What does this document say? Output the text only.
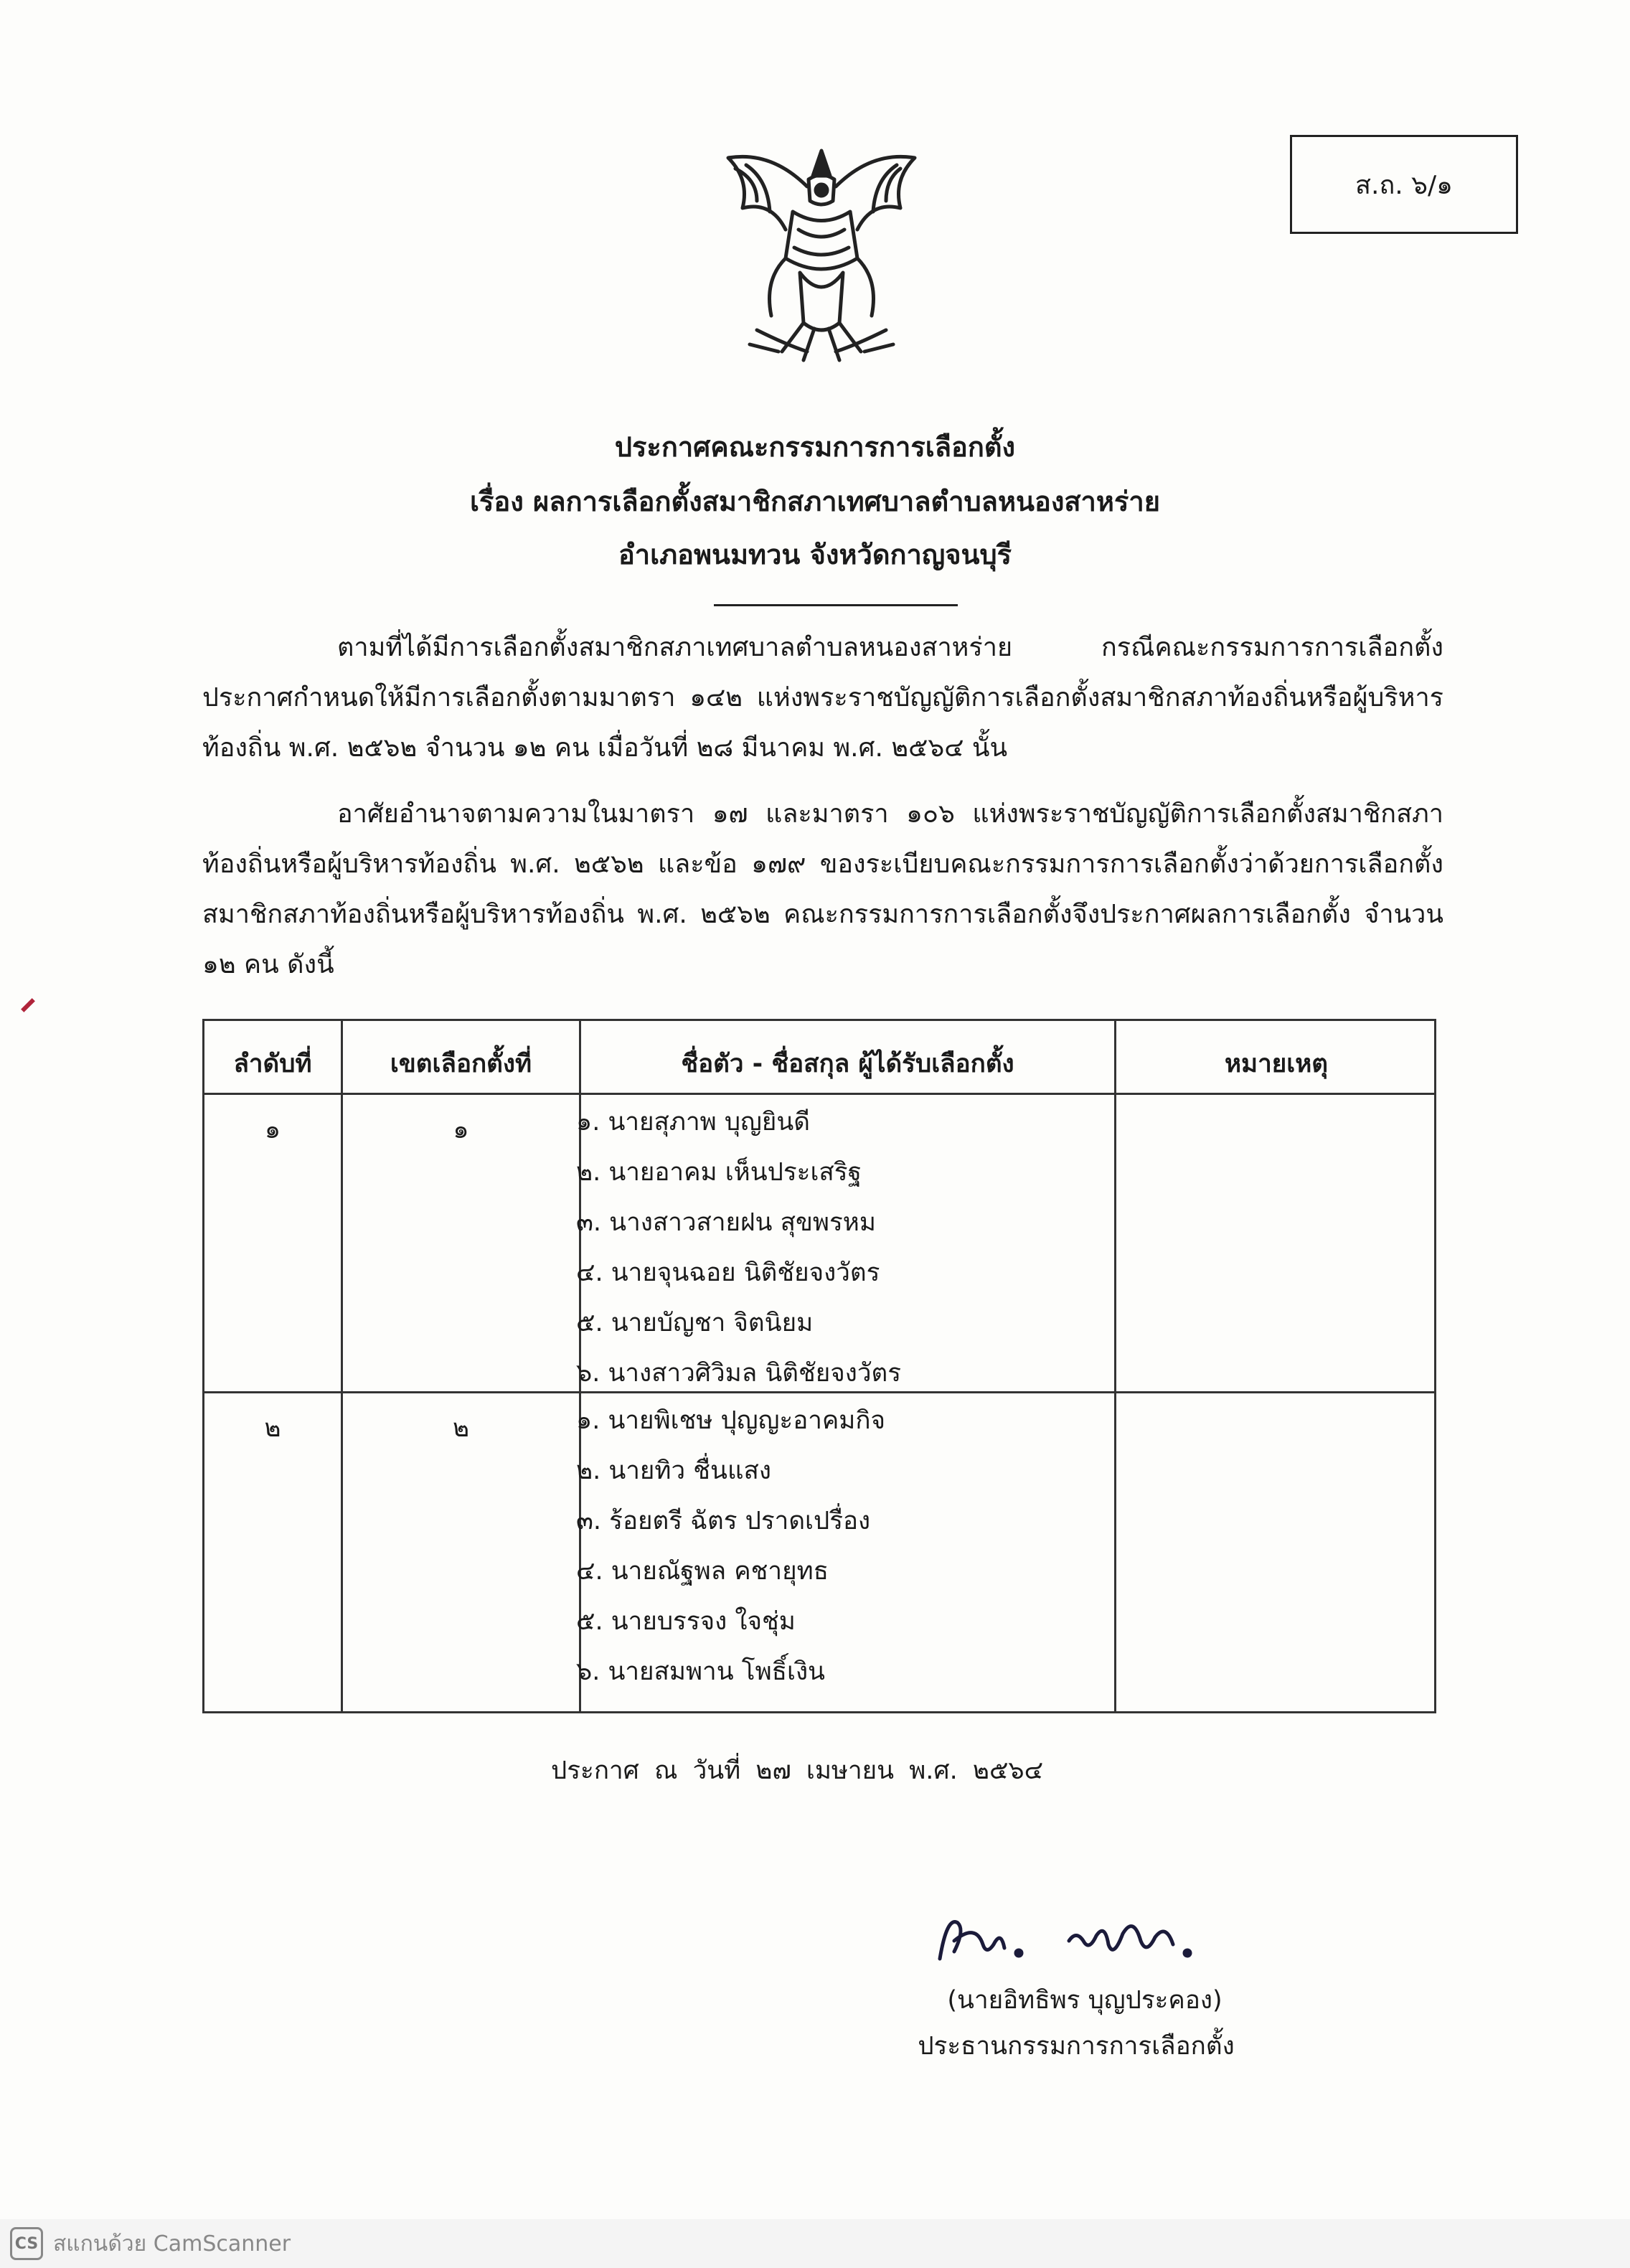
ส.ถ. ๖/๑
ประกาศคณะกรรมการการเลือกตั้ง
เรื่อง ผลการเลือกตั้งสมาชิกสภาเทศบาลตำบลหนองสาหร่าย
อำเภอพนมทวน จังหวัดกาญจนบุรี
ตามที่ได้มีการเลือกตั้งสมาชิกสภาเทศบาลตำบลหนองสาหร่าย กรณีคณะกรรมการการเลือกตั้งประกาศกำหนดให้มีการเลือกตั้งตามมาตรา ๑๔๒ แห่งพระราชบัญญัติการเลือกตั้งสมาชิกสภาท้องถิ่นหรือผู้บริหารท้องถิ่น พ.ศ. ๒๕๖๒ จำนวน ๑๒ คน เมื่อวันที่ ๒๘ มีนาคม พ.ศ. ๒๕๖๔ นั้น
อาศัยอำนาจตามความในมาตรา ๑๗ และมาตรา ๑๐๖ แห่งพระราชบัญญัติการเลือกตั้งสมาชิกสภาท้องถิ่นหรือผู้บริหารท้องถิ่น พ.ศ. ๒๕๖๒ และข้อ ๑๗๙ ของระเบียบคณะกรรมการการเลือกตั้งว่าด้วยการเลือกตั้งสมาชิกสภาท้องถิ่นหรือผู้บริหารท้องถิ่น พ.ศ. ๒๕๖๒ คณะกรรมการการเลือกตั้งจึงประกาศผลการเลือกตั้ง จำนวน ๑๒ คน ดังนี้
ลำดับที่	เขตเลือกตั้งที่	ชื่อตัว - ชื่อสกุล ผู้ได้รับเลือกตั้ง	หมายเหตุ
๑	๑	๑. นายสุภาพ บุญยินดี
๒. นายอาคม เห็นประเสริฐ
๓. นางสาวสายฝน สุขพรหม
๔. นายจุนฉอย นิติชัยจงวัตร
๕. นายบัญชา จิตนิยม
๖. นางสาวศิวิมล นิติชัยจงวัตร
๒	๒	๑. นายพิเชษ ปุญญะอาคมกิจ
๒. นายทิว ชื่นแสง
๓. ร้อยตรี ฉัตร ปราดเปรื่อง
๔. นายณัฐพล คชายุทธ
๕. นายบรรจง ใจชุ่ม
๖. นายสมพาน โพธิ์เงิน
ประกาศ ณ วันที่ ๒๗ เมษายน พ.ศ. ๒๕๖๔
(นายอิทธิพร บุญประคอง)
ประธานกรรมการการเลือกตั้ง
CS สแกนด้วย CamScanner
